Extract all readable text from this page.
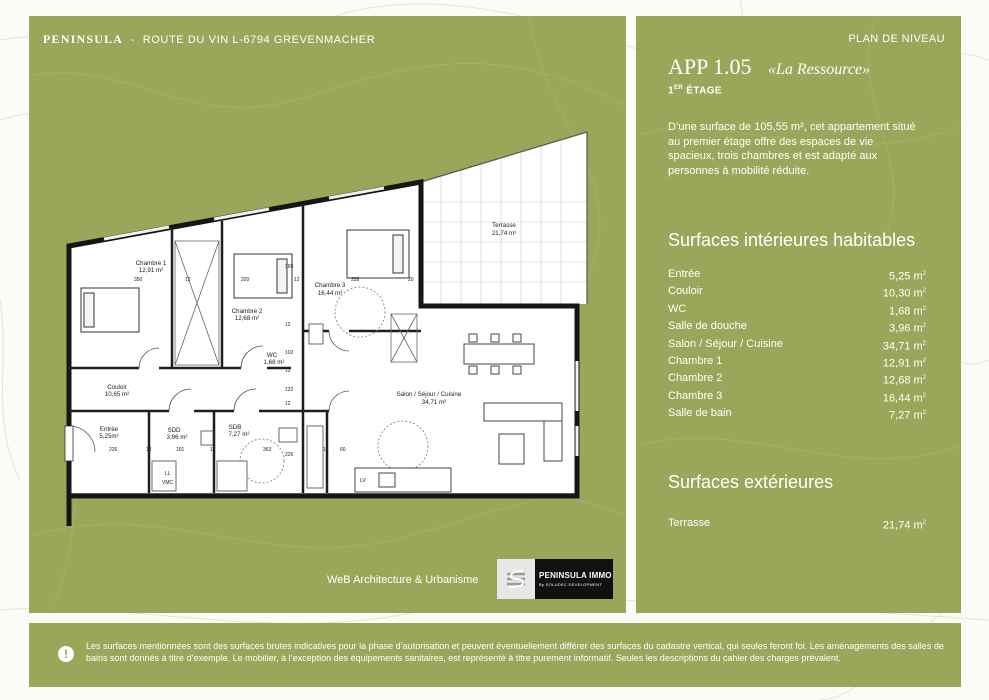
PENINSULA - ROUTE DU VIN L-6794 GREVENMACHER
Terrasse
21,74 m²
Chambre 1
12,91 m²
Chambre 2
12,68 m²
Chambre 3
16,44 m²
WC
1,68 m²
Couloir
10,65 m²	Salon / Séjour / Cuisine
34,71 m²
Entrée
5,25m²
SDD
3,96 m²
SDB
7,27 m²
350	12	320
365
12	338	20
12
102
12
122
12
226	12	161	12	363
226
12 60
LL
VMC	LV
WeB Architecture & Urbanisme	PENINSULA IMMO
By SOLUDEC DEVELOPMENT
PLAN DE NIVEAU
APP 1.05 «La Ressource»
1ER ÉTAGE
D’une surface de 105,55 m², cet appartement situé au premier étage offre des espaces de vie spacieux, trois chambres et est adapté aux personnes à mobilité réduite.
Surfaces intérieures habitables
Entrée	5,25 $m^2$
Couloir	10,30 $m^2$
WC	1,68 $m^2$
Salle de douche	3,96 $m^2$
Salon / Séjour / Cuisine	34,71 $m^2$
Chambre 1	12,91 $m^2$
Chambre 2	12,68 $m^2$
Chambre 3	16,44 $m^2$
Salle de bain	7,27 $m^2$
Surfaces extérieures
Terrasse	21,74 $m^2$
!
Les surfaces mentionnées sont des surfaces brutes indicatives pour la phase d’autorisation et peuvent éventuellement différer des surfaces du cadastre vertical, qui seules feront foi. Les aménagements des salles de bains sont donnés à titre d’exemple. Le mobilier, à l’exception des équipements sanitaires, est représenté à titre purement informatif. Seules les descriptions du cahier des charges prévalent.
